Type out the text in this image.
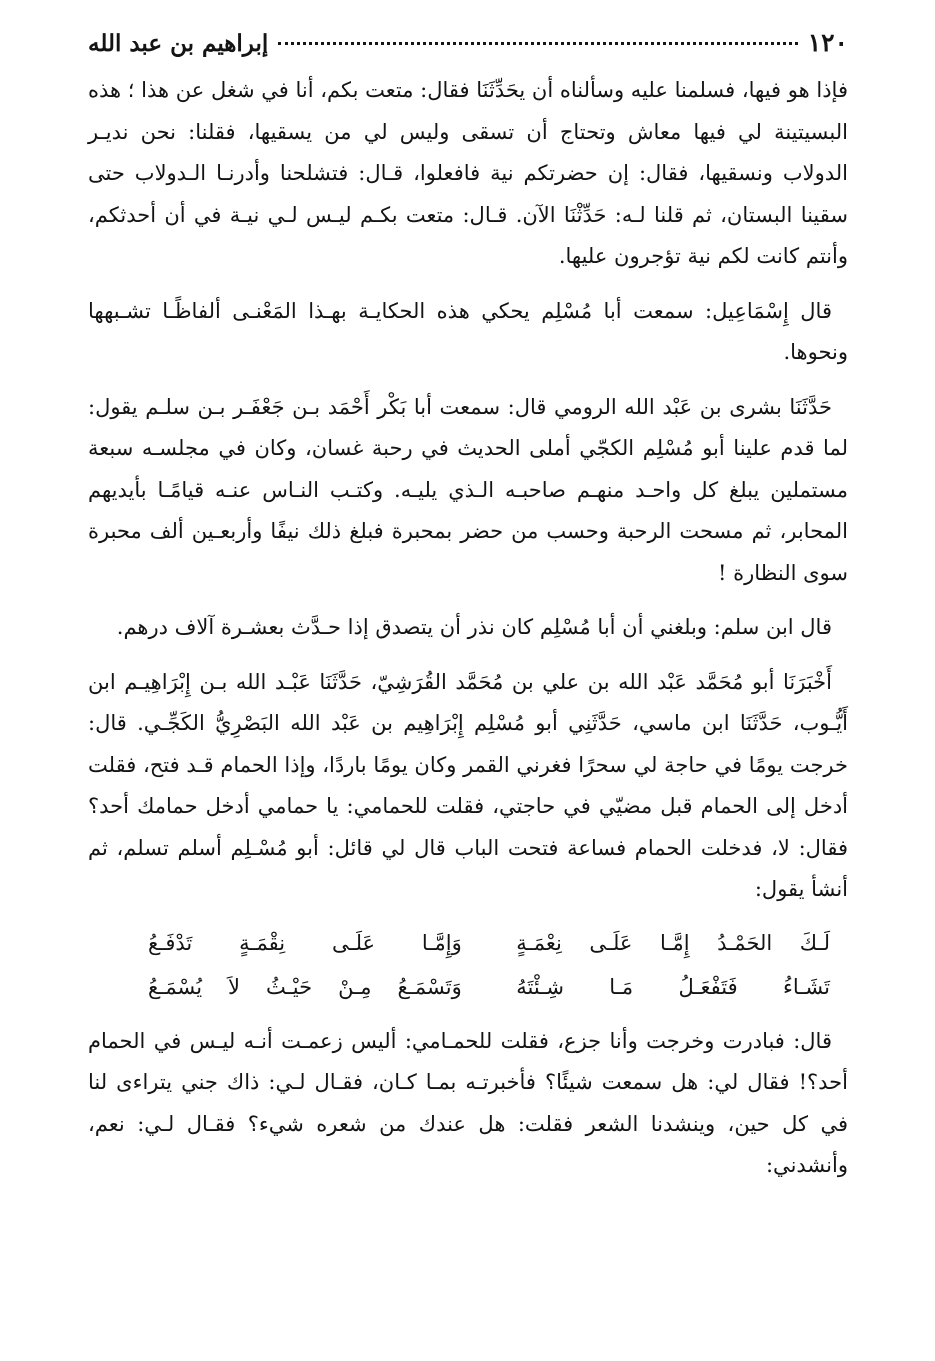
١٢٠
إبراهيم بن عبد الله

فإذا هو فيها، فسلمنا عليه وسألناه أن يحَدِّثَنَا فقال: متعت بكم، أنا في شغل عن هذا ؛ هذه البسيتينة لي فيها معاش وتحتاج أن تسقى وليس لي من يسقيها، فقلنا: نحن نديـر الدولاب ونسقيها، فقال: إن حضرتكم نية فافعلوا، قـال: فتشلحنا وأدرنـا الـدولاب حتى سقينا البستان، ثم قلنا لـه: حَدِّثْنَا الآن. قـال: متعت بكـم ليـس لـي نيـة في أن أحدثكم، وأنتم كانت لكم نية تؤجرون عليها.

قال إِسْمَاعِيل: سمعت أبا مُسْلِم يحكي هذه الحكايـة بهـذا المَعْنـى ألفاظًـا تشـبهها ونحوها.

حَدَّثَنَا بشرى بن عَبْد الله الرومي قال: سمعت أبا بَكْر أَحْمَد بـن جَعْفَـر بـن سلـم يقول: لما قدم علينا أبو مُسْلِم الكجّي أملى الحديث في رحبة غسان، وكان في مجلسـه سبعة مستملين يبلغ كل واحـد منهـم صاحبـه الـذي يليـه. وكتـب النـاس عنـه قيامًـا بأيديهم المحابر، ثم مسحت الرحبة وحسب من حضر بمحبرة فبلغ ذلك نيفًا وأربعـين ألف محبرة سوى النظارة !

قال ابن سلم: وبلغني أن أبا مُسْلِم كان نذر أن يتصدق إذا حـدَّث بعشـرة آلاف درهم.

أَخْبَرَنَا أبو مُحَمَّد عَبْد الله بن علي بن مُحَمَّد القُرَشِيّ، حَدَّثَنَا عَبْـد الله بـن إِبْرَاهِيـم ابن أَيُّـوب، حَدَّثَنَا ابن ماسي، حَدَّثَنِي أبو مُسْلِم إِبْرَاهِيم بن عَبْد الله البَصْرِيُّ الكَجِّـي. قال: خرجت يومًا في حاجة لي سحرًا فغرني القمر وكان يومًا باردًا، وإذا الحمام قـد فتح، فقلت أدخل إلى الحمام قبل مضيّي في حاجتي، فقلت للحمامي: يا حمامي أدخل حمامك أحد؟ فقال: لا، فدخلت الحمام فساعة فتحت الباب قال لي قائل: أبو مُسْـلِم أسلم تسلم، ثم أنشأ يقول:

لَـكَ الحَمْـدُ إِمَّـا عَلَـى نِعْمَـةٍ
وَإِمَّـا عَلَـى نِقْمَـةٍ تَدْفَـعُ
تَشَـاءُ فَتَفْعَـلُ مَـا شِـئْتَهُ
وَتَسْمَـعُ مِـنْ حَيْـثُ لاَ يُسْمَـعُ

قال: فبادرت وخرجت وأنا جزع، فقلت للحمـامي: أليس زعمـت أنـه ليـس في الحمام أحد؟! فقال لي: هل سمعت شيئًا؟ فأخبرتـه بمـا كـان، فقـال لـي: ذاك جني يتراءى لنا في كل حين، وينشدنا الشعر فقلت: هل عندك من شعره شيء؟ فقـال لـي: نعم، وأنشدني:
